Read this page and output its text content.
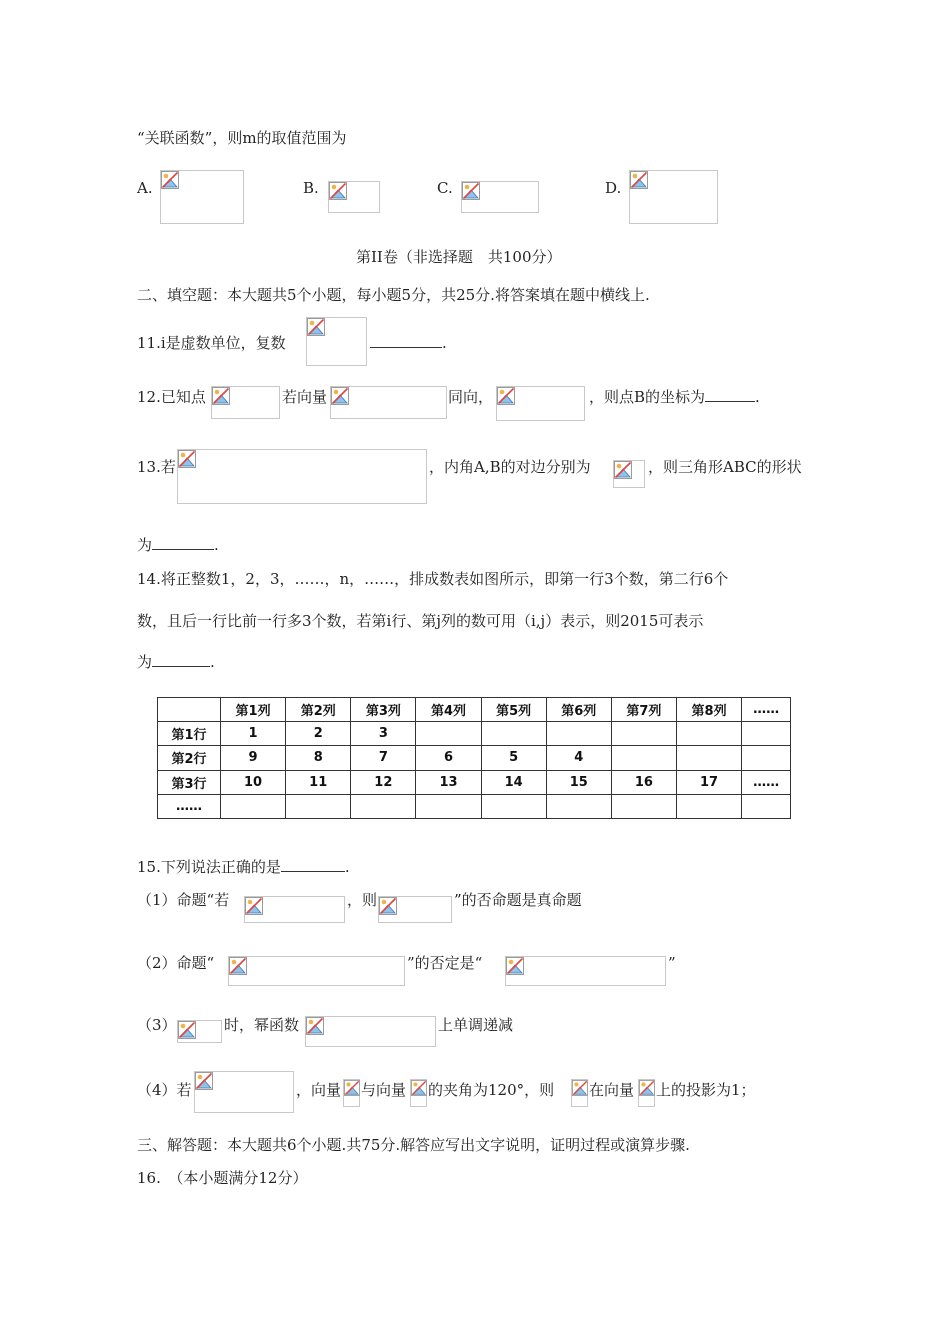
“关联函数”，则m的取值范围为
A.	B.	C.	D.
第II卷（非选择题　共100分）
二、填空题：本大题共5个小题，每小题5分，共25分.将答案填在题中横线上.
11.i是虚数单位，复数	.
12.已知点	若向量	同向，	，则点B的坐标为	.
13.若	，内角A,B的对边分别为	，则三角形ABC的形状
为	.
14.将正整数1，2，3，……，n，……，排成数表如图所示，即第一行3个数，第二行6个
数，且后一行比前一行多3个数，若第i行、第j列的数可用（i,j）表示，则2015可表示
为	.
	第1列	第2列	第3列	第4列	第5列	第6列	第7列	第8列	……
第1行	1	2	3						
第2行	9	8	7	6	5	4			
第3行	10	11	12	13	14	15	16	17	……
……									
15.下列说法正确的是	.
（1）命题“若	，则	”的否命题是真命题
（2）命题“	”的否定是“	”
（3）	时，幂函数	上单调递减
（4）若	，向量 与向量 的夹角为120°，则 在向量 上的投影为1；
三、解答题：本大题共6个小题.共75分.解答应写出文字说明，证明过程或演算步骤.
16.　（本小题满分12分）
